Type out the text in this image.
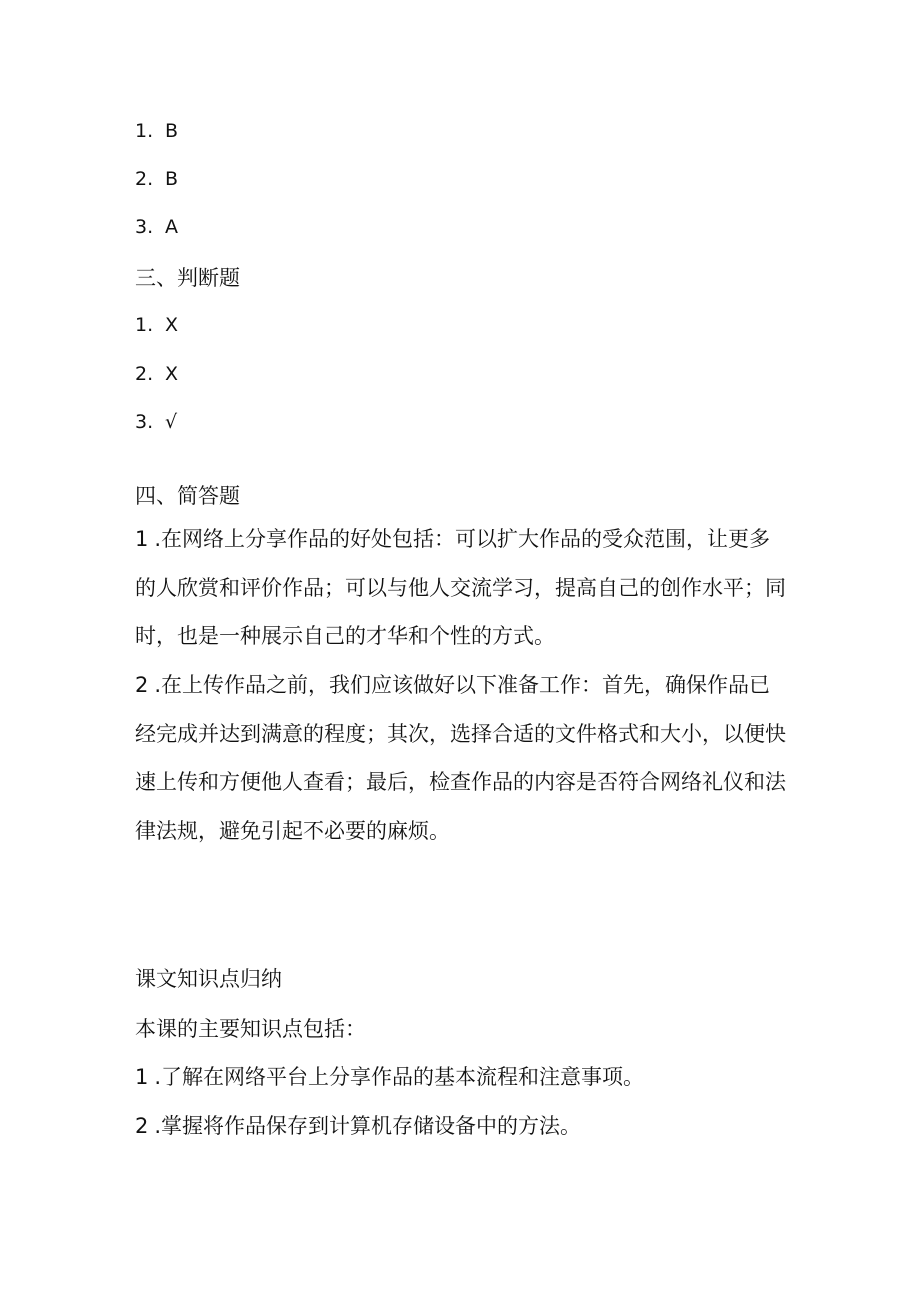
1. B
2. B
3. A
三、判断题
1. X
2. X
3. √
四、简答题
1 .在网络上分享作品的好处包括：可以扩大作品的受众范围，让更多的人欣赏和评价作品；可以与他人交流学习，提高自己的创作水平；同时，也是一种展示自己的才华和个性的方式。
2 .在上传作品之前，我们应该做好以下准备工作：首先，确保作品已经完成并达到满意的程度；其次，选择合适的文件格式和大小，以便快速上传和方便他人查看；最后，检查作品的内容是否符合网络礼仪和法律法规，避免引起不必要的麻烦。
课文知识点归纳
本课的主要知识点包括：
1 .了解在网络平台上分享作品的基本流程和注意事项。
2 .掌握将作品保存到计算机存储设备中的方法。
